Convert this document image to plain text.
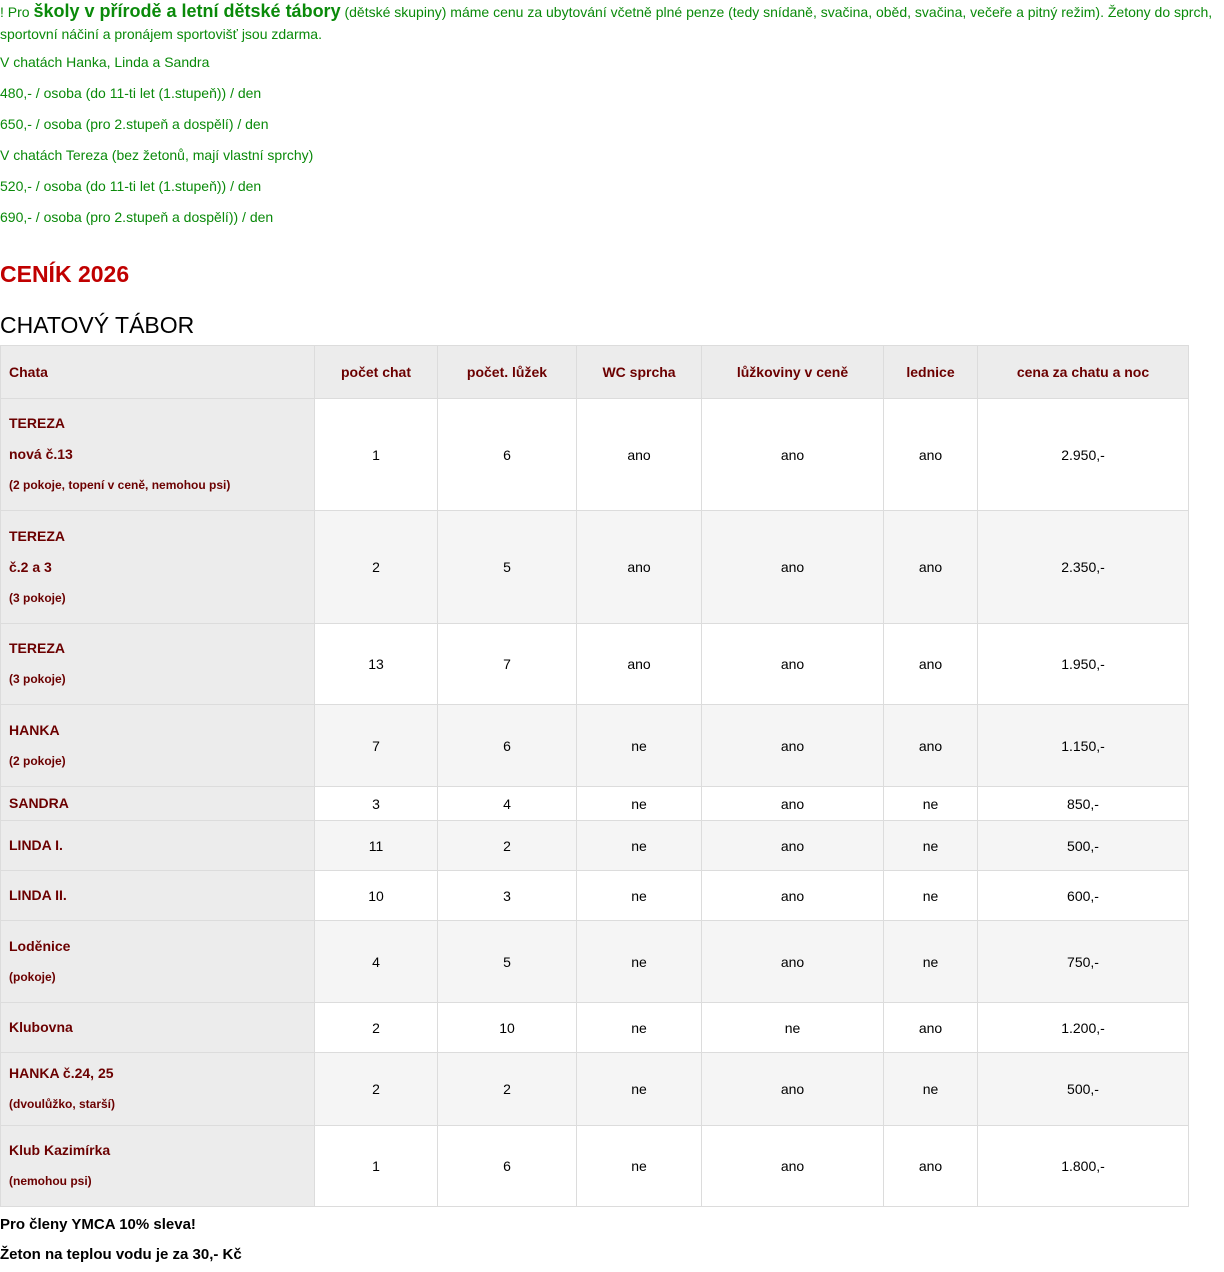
! Pro školy v přírodě a letní dětské tábory (dětské skupiny) máme cenu za ubytování včetně plné penze (tedy snídaně, svačina, oběd, svačina, večeře a pitný režim). Žetony do sprch, sportovní náčiní a pronájem sportovišť jsou zdarma.

V chatách Hanka, Linda a Sandra

480,- / osoba (do 11-ti let (1.stupeň)) / den

650,- / osoba (pro 2.stupeň a dospělí) / den

V chatách Tereza (bez žetonů, mají vlastní sprchy)

520,- / osoba (do 11-ti let (1.stupeň)) / den

690,- / osoba (pro 2.stupeň a dospělí)) / den

CENÍK 2026
CHATOVÝ TÁBOR
Chata	počet chat	počet. lůžek	WC sprcha	lůžkoviny v ceně	lednice	cena za chatu a noc

TEREZA
nová č.13
(2 pokoje, topení v ceně, nemohou psi)	1	6	ano	ano	ano	2.950,-

TEREZA
č.2 a 3
(3 pokoje)	2	5	ano	ano	ano	2.350,-

TEREZA
(3 pokoje)	13	7	ano	ano	ano	1.950,-

HANKA
(2 pokoje)	7	6	ne	ano	ano	1.150,-

SANDRA	3	4	ne	ano	ne	850,-

LINDA I.	11	2	ne	ano	ne	500,-

LINDA II.	10	3	ne	ano	ne	600,-

Loděnice
(pokoje)	4	5	ne	ano	ne	750,-

Klubovna	2	10	ne	ne	ano	1.200,-

HANKA č.24, 25
(dvoulůžko, starší)	2	2	ne	ano	ne	500,-

Klub Kazimírka
(nemohou psi)	1	6	ne	ano	ano	1.800,-
Pro členy YMCA 10% sleva!
Žeton na teplou vodu je za 30,- Kč
